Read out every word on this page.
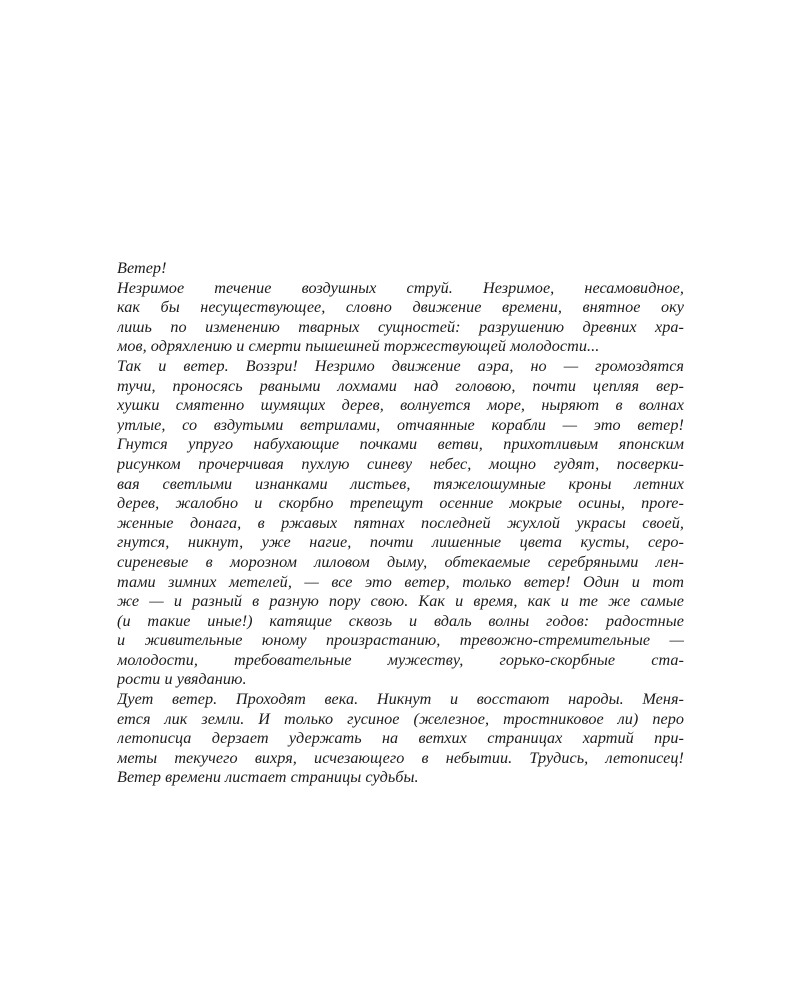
Ветер!

Незримое течение воздушных струй. Незримое, несамовидное,
как бы несуществующее, словно движение времени, внятное оку
лишь по изменению тварных сущностей: разрушению древних хра-
мов, одряхлению и смерти пышешней торжествующей молодости...

Так и ветер. Воззри! Незримо движение аэра, но — громоздятся
тучи, проносясь рваными лохмами над головою, почти цепляя вер-
хушки смятенно шумящих дерев, волнуется море, ныряют в волнах
утлые, со вздутыми ветрилами, отчаянные корабли — это ветер!
Гнутся упруго набухающие почками ветви, прихотливым японским
рисунком прочерчивая пухлую синеву небес, мощно гудят, посверки-
вая светлыми изнанками листьев, тяжелошумные кроны летних
дерев, жалобно и скорбно трепещут осенние мокрые осины, прore-
женные донага, в ржавых пятнах последней жухлой украсы своей,
гнутся, никнут, уже нагие, почти лишенные цвета кусты, серо-
сиреневые в морозном лиловом дыму, обтекаемые серебряными лен-
тами зимних метелей, — все это ветер, только ветер! Один и тот
же — и разный в разную пору свою. Как и время, как и те же самые
(и такие иные!) катящие сквозь и вдаль волны годов: радостные
и живительные юному произрастанию, тревожно-стремительные —
молодости, требовательные мужеству, горько-скорбные ста-
рости и увяданию.

Дует ветер. Проходят века. Никнут и восстают народы. Меня-
ется лик земли. И только гусиное (железное, тростниковое ли) перо
летописца дерзает удержать на ветхих страницах хартий при-
меты текучего вихря, исчезающего в небытии. Трудись, летописец!
Ветер времени листает страницы судьбы.
